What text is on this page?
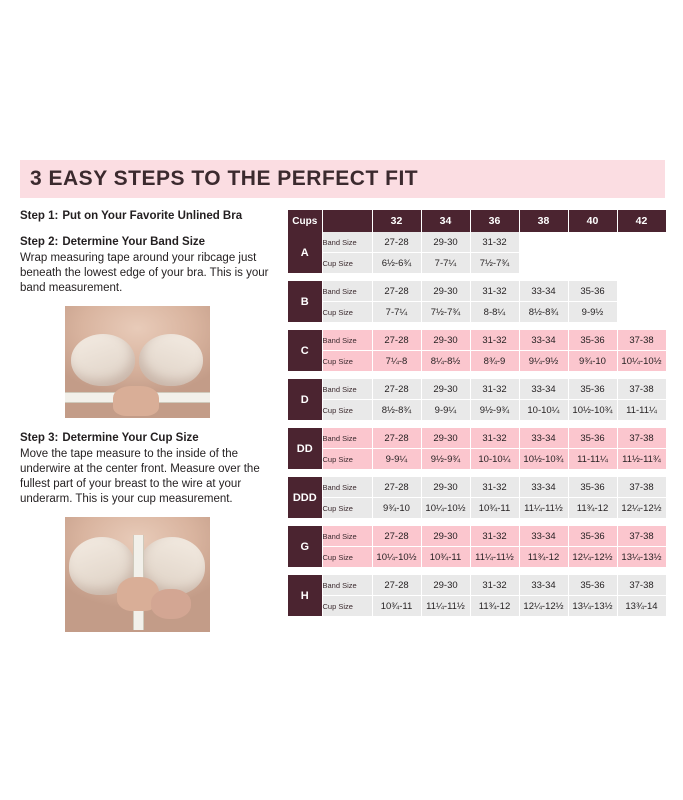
3 EASY STEPS TO THE PERFECT FIT
Step 1: Put on Your Favorite Unlined Bra
Step 2: Determine Your Band Size
Wrap measuring tape around your ribcage just beneath the lowest edge of your bra. This is your band measurement.
Step 3: Determine Your Cup Size
Move the tape measure to the inside of the underwire at the center front. Measure over the fullest part of your breast to the wire at your underarm. This is your cup measurement.
Cups		32	34	36	38	40	42
A	Band Size	27-28	29-30	31-32			
	Cup Size	6½-6¾	7-7¼	7½-7¾			

B	Band Size	27-28	29-30	31-32	33-34	35-36	
	Cup Size	7-7¼	7½-7¾	8-8¼	8½-8¾	9-9½	

C	Band Size	27-28	29-30	31-32	33-34	35-36	37-38
	Cup Size	7¼-8	8¼-8½	8¾-9	9¼-9½	9¾-10	10¼-10½

D	Band Size	27-28	29-30	31-32	33-34	35-36	37-38
	Cup Size	8½-8¾	9-9¼	9½-9¾	10-10¼	10½-10¾	11-11¼

DD	Band Size	27-28	29-30	31-32	33-34	35-36	37-38
	Cup Size	9-9¼	9½-9¾	10-10¼	10½-10¾	11-11¼	11½-11¾

DDD	Band Size	27-28	29-30	31-32	33-34	35-36	37-38
	Cup Size	9¾-10	10¼-10½	10¾-11	11¼-11½	11¾-12	12¼-12½

G	Band Size	27-28	29-30	31-32	33-34	35-36	37-38
	Cup Size	10¼-10½	10¾-11	11¼-11½	11¾-12	12¼-12½	13¼-13½

H	Band Size	27-28	29-30	31-32	33-34	35-36	37-38
	Cup Size	10¾-11	11¼-11½	11¾-12	12¼-12½	13¼-13½	13¾-14
